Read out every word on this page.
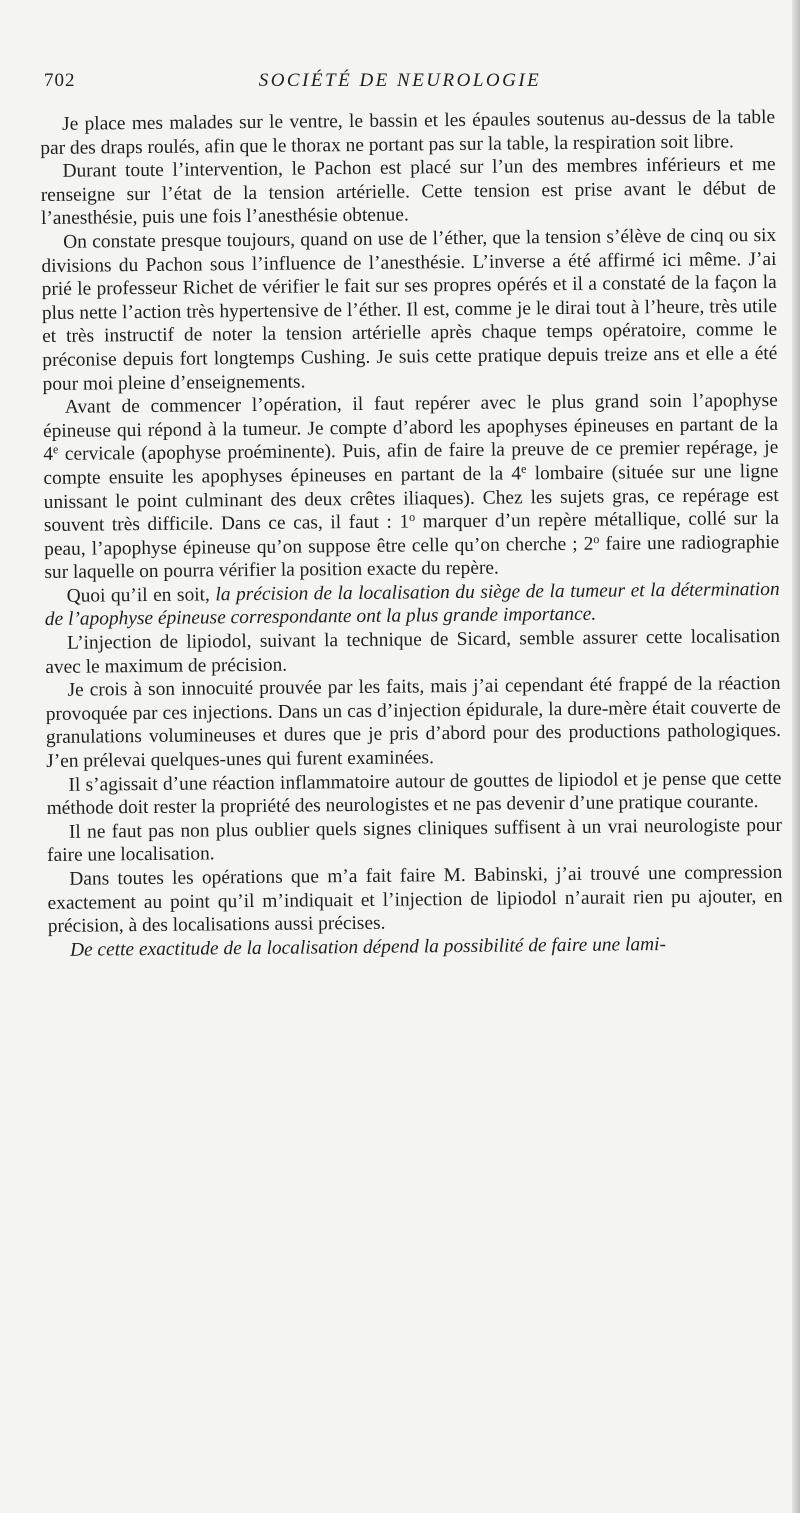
702	SOCIÉTÉ DE NEUROLOGIE

Je place mes malades sur le ventre, le bassin et les épaules soutenus au-dessus de la table par des draps roulés, afin que le thorax ne portant pas sur la table, la respiration soit libre.

Durant toute l’intervention, le Pachon est placé sur l’un des membres inférieurs et me renseigne sur l’état de la tension artérielle. Cette tension est prise avant le début de l’anesthésie, puis une fois l’anesthésie obtenue.

On constate presque toujours, quand on use de l’éther, que la tension s’élève de cinq ou six divisions du Pachon sous l’influence de l’anesthésie. L’inverse a été affirmé ici même. J’ai prié le professeur Richet de vérifier le fait sur ses propres opérés et il a constaté de la façon la plus nette l’action très hypertensive de l’éther. Il est, comme je le dirai tout à l’heure, très utile et très instructif de noter la tension artérielle après chaque temps opératoire, comme le préconise depuis fort longtemps Cushing. Je suis cette pratique depuis treize ans et elle a été pour moi pleine d’enseignements.

Avant de commencer l’opération, il faut repérer avec le plus grand soin l’apophyse épineuse qui répond à la tumeur. Je compte d’abord les apophyses épineuses en partant de la 4e cervicale (apophyse proéminente). Puis, afin de faire la preuve de ce premier repérage, je compte ensuite les apophyses épineuses en partant de la 4e lombaire (située sur une ligne unissant le point culminant des deux crêtes iliaques). Chez les sujets gras, ce repérage est souvent très difficile. Dans ce cas, il faut : 1$^o$ marquer d’un repère métallique, collé sur la peau, l’apophyse épineuse qu’on suppose être celle qu’on cherche ; 2$^o$ faire une radiographie sur laquelle on pourra vérifier la position exacte du repère.

Quoi qu’il en soit, la précision de la localisation du siège de la tumeur et la détermination de l’apophyse épineuse correspondante ont la plus grande importance.

L’injection de lipiodol, suivant la technique de Sicard, semble assurer cette localisation avec le maximum de précision.

Je crois à son innocuité prouvée par les faits, mais j’ai cependant été frappé de la réaction provoquée par ces injections. Dans un cas d’injection épidurale, la dure-mère était couverte de granulations volumineuses et dures que je pris d’abord pour des productions pathologiques. J’en prélevai quelques-unes qui furent examinées.

Il s’agissait d’une réaction inflammatoire autour de gouttes de lipiodol et je pense que cette méthode doit rester la propriété des neurologistes et ne pas devenir d’une pratique courante.

Il ne faut pas non plus oublier quels signes cliniques suffisent à un vrai neurologiste pour faire une localisation.

Dans toutes les opérations que m’a fait faire M. Babinski, j’ai trouvé une compression exactement au point qu’il m’indiquait et l’injection de lipiodol n’aurait rien pu ajouter, en précision, à des localisations aussi précises.

De cette exactitude de la localisation dépend la possibilité de faire une lami-
